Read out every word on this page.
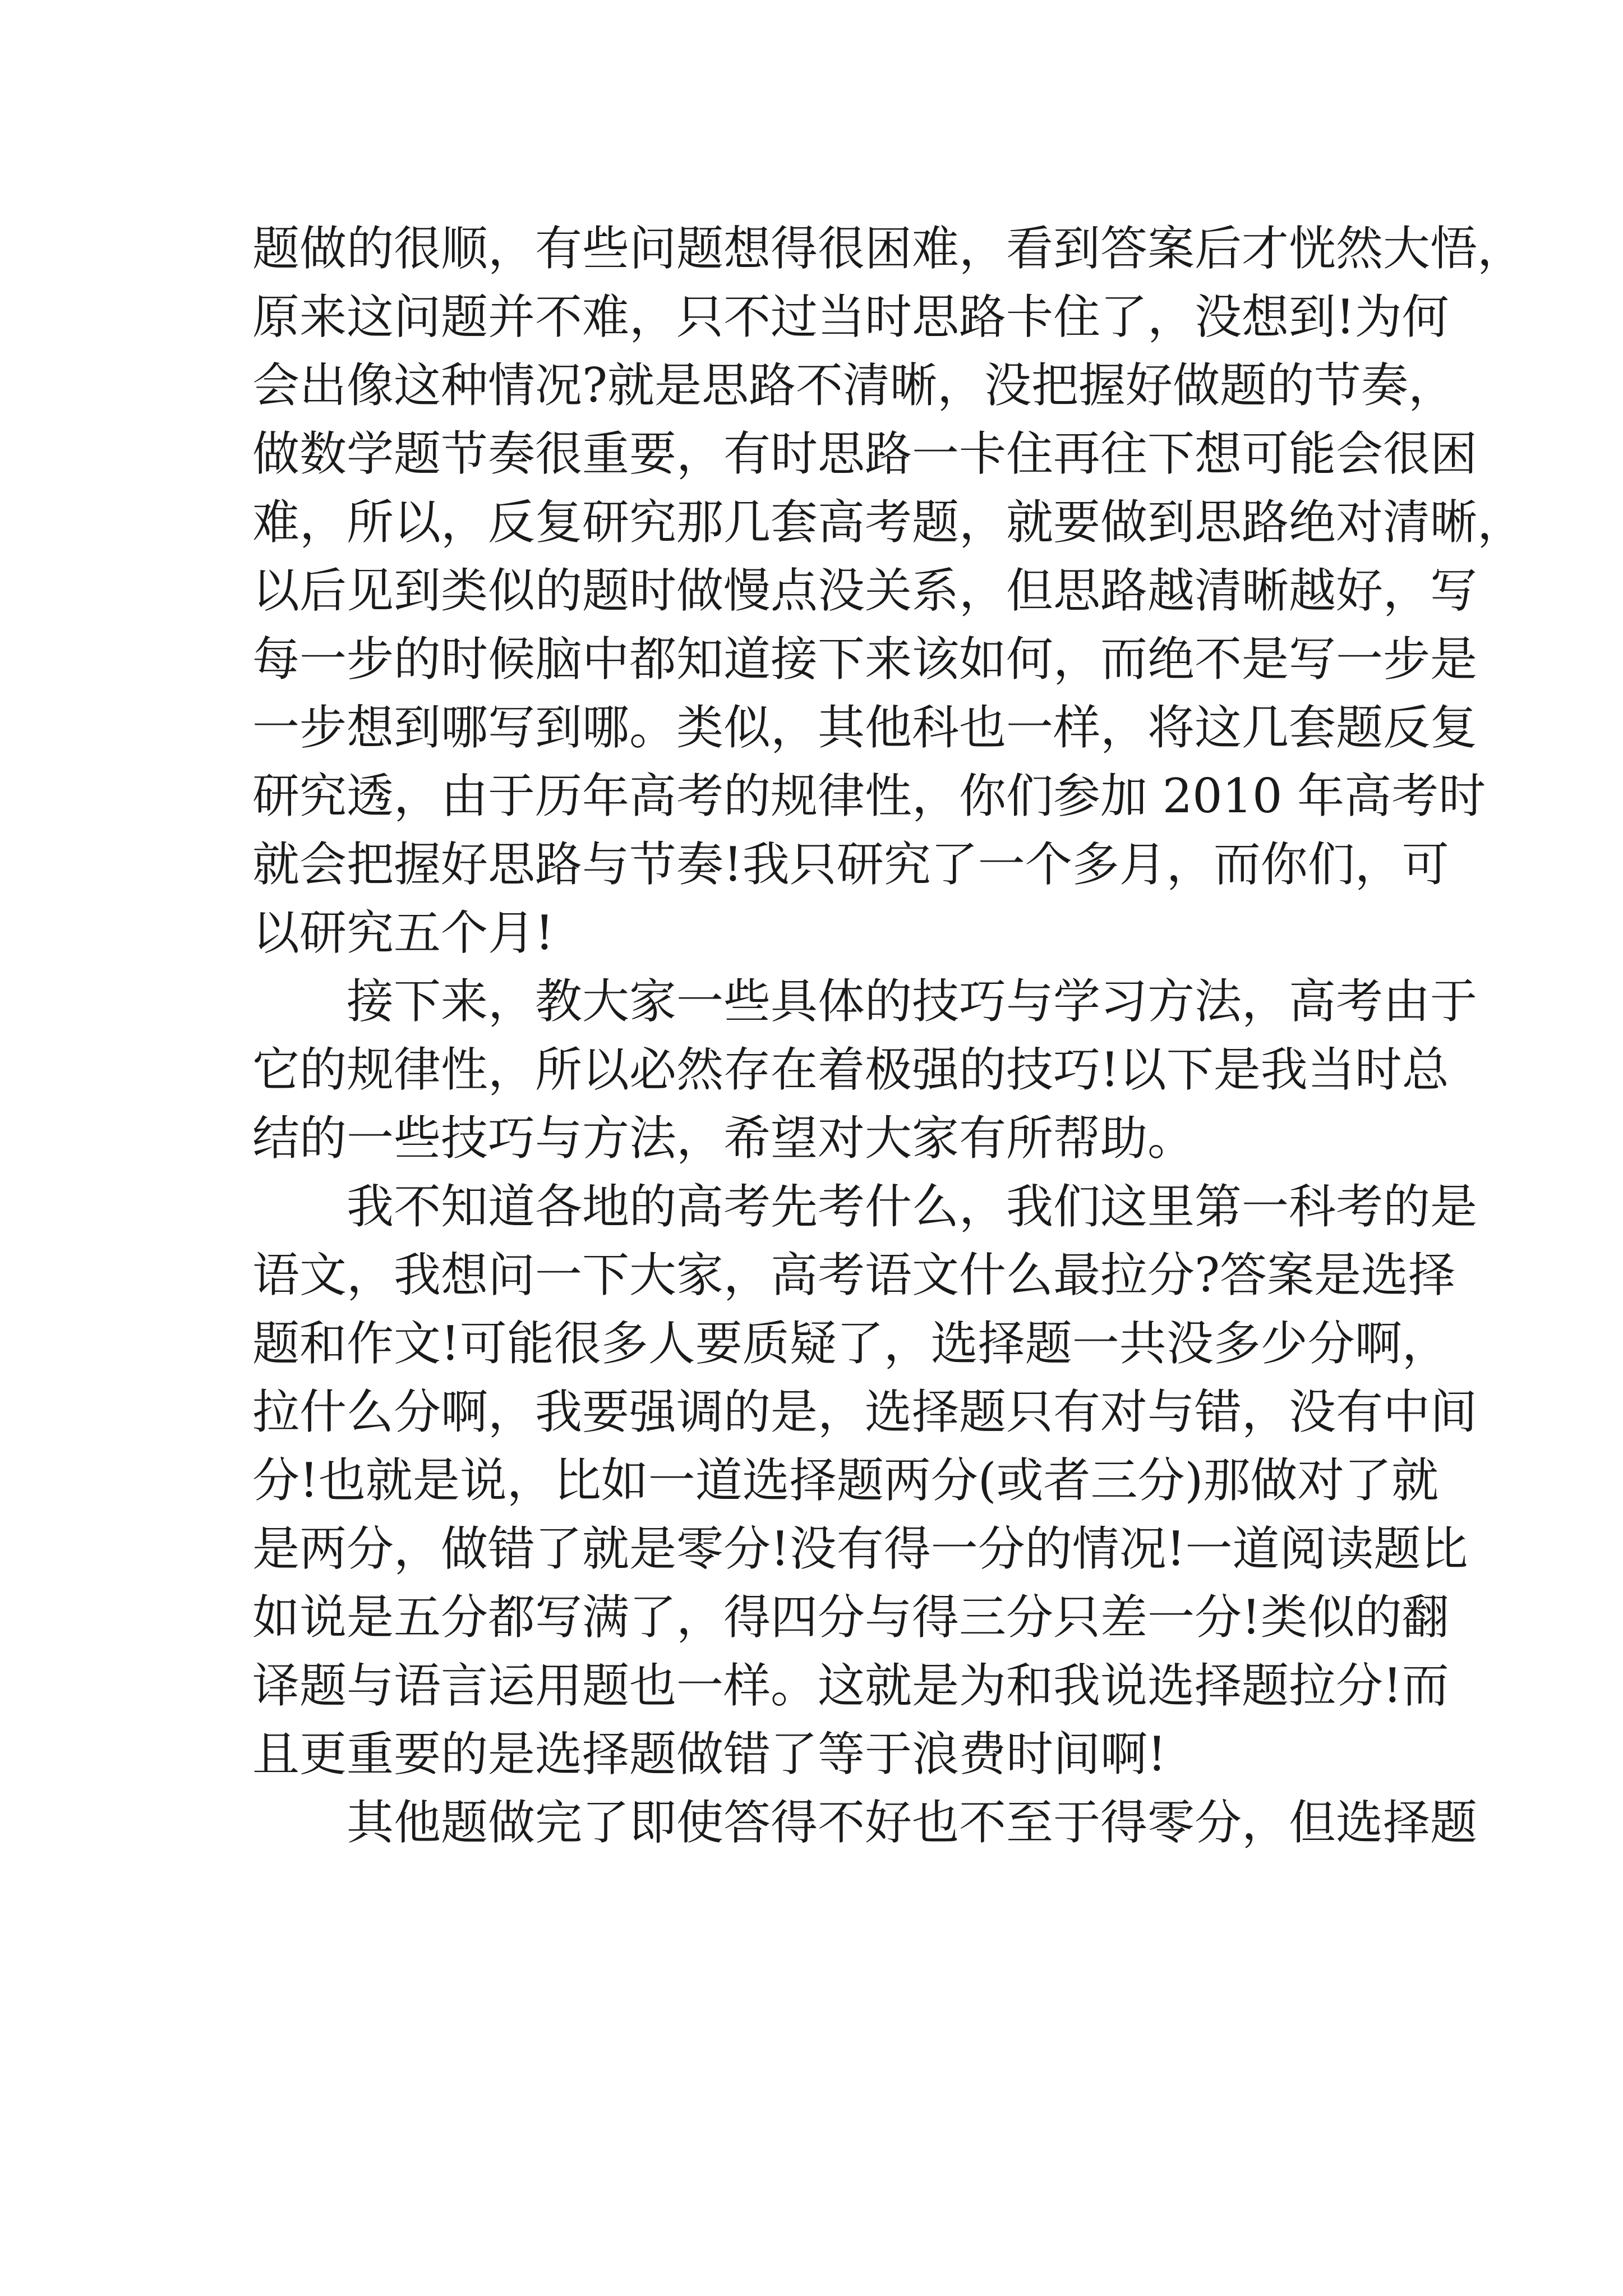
题做的很顺，有些问题想得很困难，看到答案后才恍然大悟，
原来这问题并不难，只不过当时思路卡住了，没想到!为何
会出像这种情况?就是思路不清晰，没把握好做题的节奏，
做数学题节奏很重要，有时思路一卡住再往下想可能会很困
难，所以，反复研究那几套高考题，就要做到思路绝对清晰，
以后见到类似的题时做慢点没关系，但思路越清晰越好，写
每一步的时候脑中都知道接下来该如何，而绝不是写一步是
一步想到哪写到哪。类似，其他科也一样，将这几套题反复
研究透，由于历年高考的规律性，你们参加 2010 年高考时
就会把握好思路与节奏!我只研究了一个多月，而你们，可
以研究五个月!
接下来，教大家一些具体的技巧与学习方法，高考由于
它的规律性，所以必然存在着极强的技巧!以下是我当时总
结的一些技巧与方法，希望对大家有所帮助。
我不知道各地的高考先考什么，我们这里第一科考的是
语文，我想问一下大家，高考语文什么最拉分?答案是选择
题和作文!可能很多人要质疑了，选择题一共没多少分啊，
拉什么分啊，我要强调的是，选择题只有对与错，没有中间
分!也就是说，比如一道选择题两分(或者三分)那做对了就
是两分，做错了就是零分!没有得一分的情况!一道阅读题比
如说是五分都写满了，得四分与得三分只差一分!类似的翻
译题与语言运用题也一样。这就是为和我说选择题拉分!而
且更重要的是选择题做错了等于浪费时间啊!
其他题做完了即使答得不好也不至于得零分，但选择题
